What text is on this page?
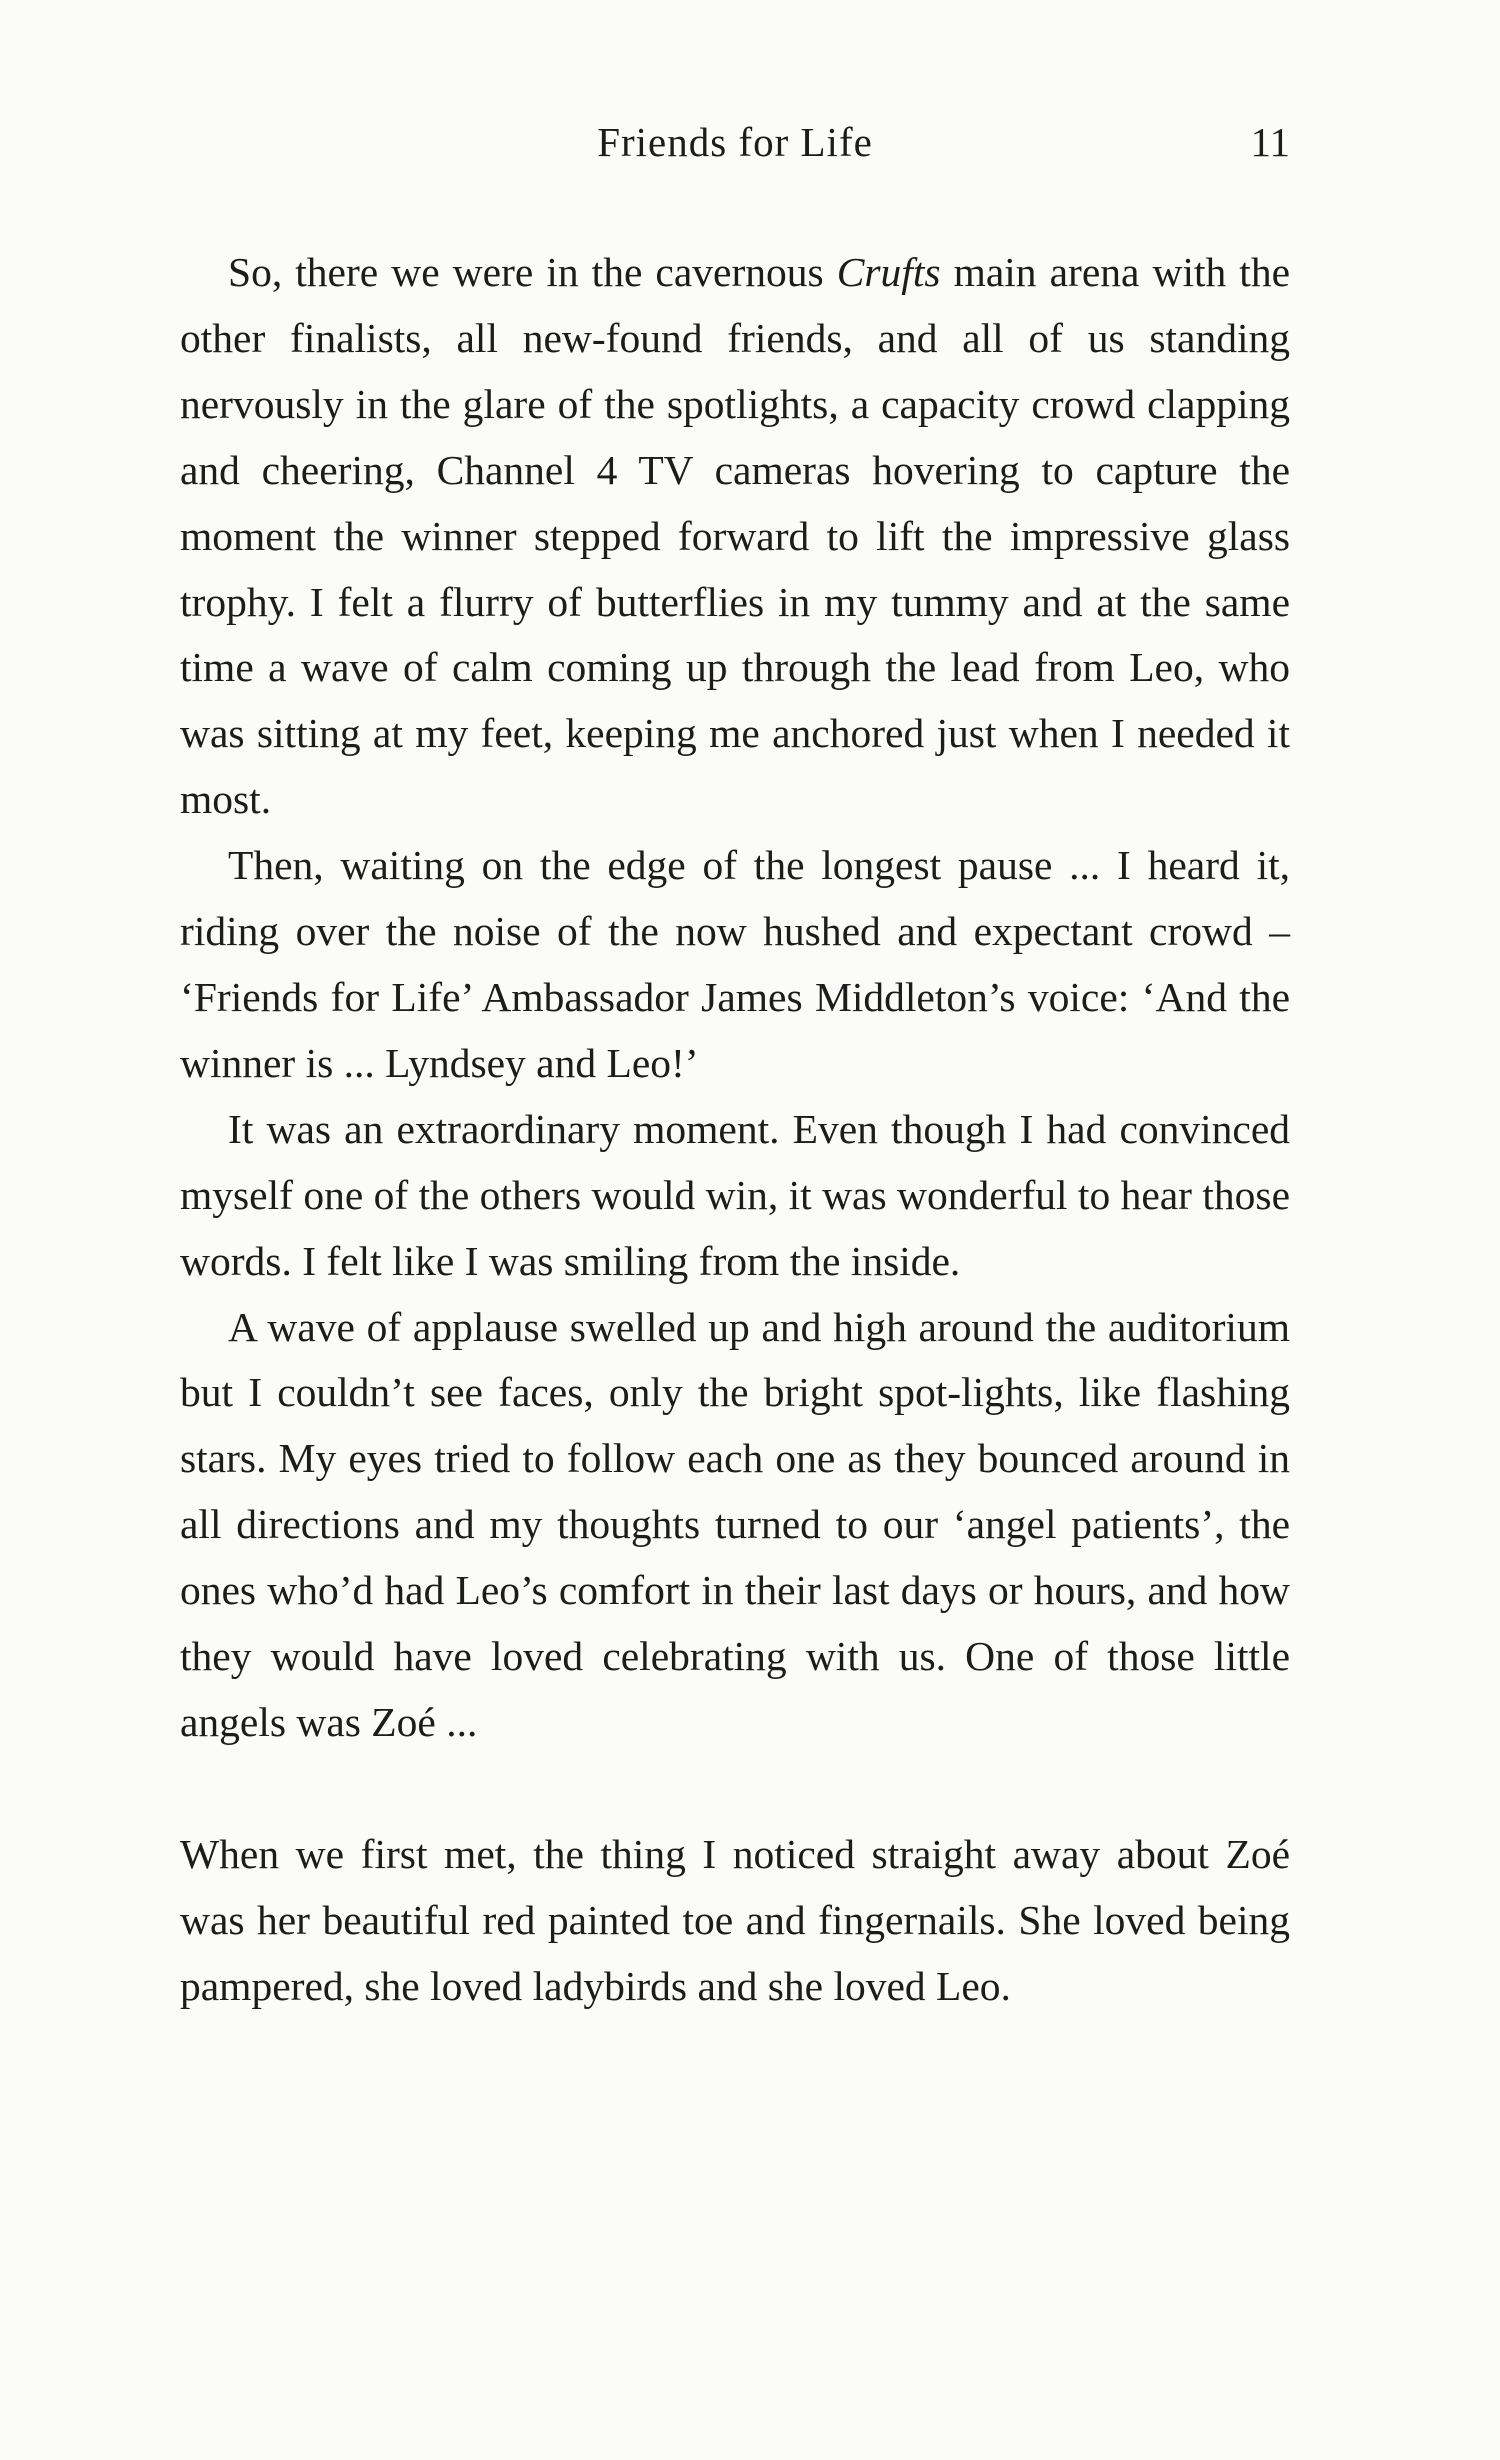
Friends for Life	11

So, there we were in the cavernous Crufts main arena with the other finalists, all new-found friends, and all of us standing nervously in the glare of the spotlights, a capacity crowd clapping and cheering, Channel 4 TV cameras hovering to capture the moment the winner stepped forward to lift the impressive glass trophy. I felt a flurry of butterflies in my tummy and at the same time a wave of calm coming up through the lead from Leo, who was sitting at my feet, keeping me anchored just when I needed it most.

Then, waiting on the edge of the longest pause ... I heard it, riding over the noise of the now hushed and expectant crowd – ‘Friends for Life’ Ambassador James Middleton’s voice: ‘And the winner is ... Lyndsey and Leo!’

It was an extraordinary moment. Even though I had convinced myself one of the others would win, it was wonderful to hear those words. I felt like I was smiling from the inside.

A wave of applause swelled up and high around the auditorium but I couldn’t see faces, only the bright spot-lights, like flashing stars. My eyes tried to follow each one as they bounced around in all directions and my thoughts turned to our ‘angel patients’, the ones who’d had Leo’s comfort in their last days or hours, and how they would have loved celebrating with us. One of those little angels was Zoé ...

When we first met, the thing I noticed straight away about Zoé was her beautiful red painted toe and fingernails. She loved being pampered, she loved ladybirds and she loved Leo.
